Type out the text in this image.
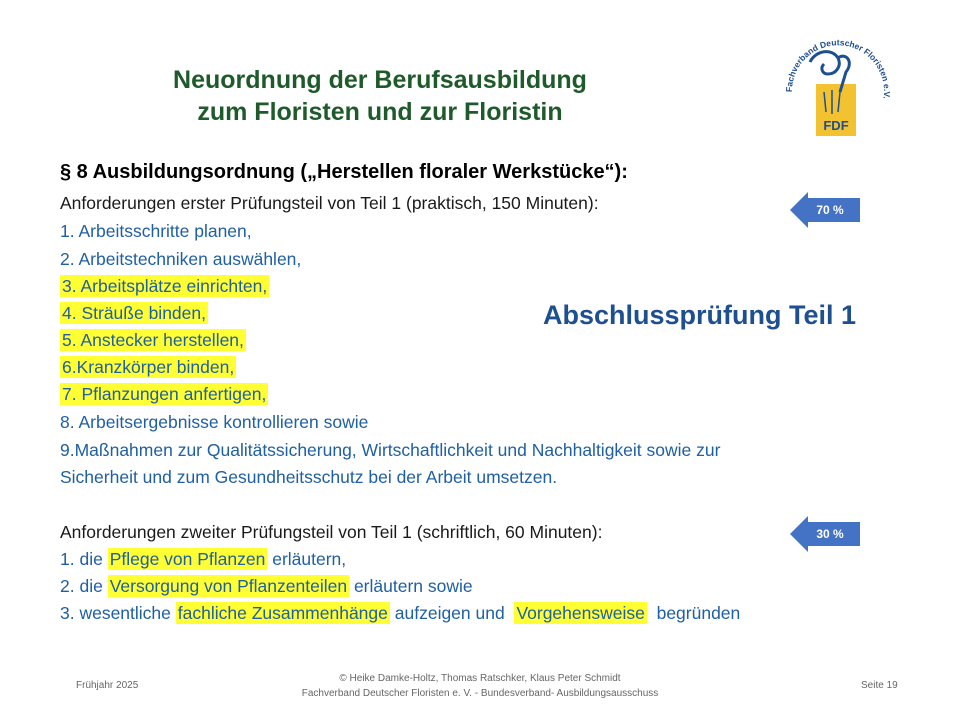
Neuordnung der Berufsausbildung
zum Floristen und zur Floristin
Fachverband Deutscher Floristen
FDF
§ 8 Ausbildungsordnung („Herstellen floraler Werkstücke“):
Anforderungen erster Prüfungsteil von Teil 1 (praktisch, 150 Minuten):
1. Arbeitsschritte planen,
2. Arbeitstechniken auswählen,
3. Arbeitsplätze einrichten,
4. Sträuße binden,
5. Anstecker herstellen,
6.Kranzkörper binden,
7. Pflanzungen anfertigen,
8. Arbeitsergebnisse kontrollieren sowie
9.Maßnahmen zur Qualitätssicherung, Wirtschaftlichkeit und Nachhaltigkeit sowie zur
Sicherheit und zum Gesundheitsschutz bei der Arbeit umsetzen.
70 %
Abschlussprüfung Teil 1
Anforderungen zweiter Prüfungsteil von Teil 1 (schriftlich, 60 Minuten):	30 %
1. die Pflege von Pflanzen erläutern,
2. die Versorgung von Pflanzenteilen erläutern sowie
3. wesentliche fachliche Zusammenhänge aufzeigen und  Vorgehensweise  begründen
Frühjahr 2025
© Heike Damke-Holtz, Thomas Ratschker, Klaus Peter Schmidt
Fachverband Deutscher Floristen e. V. - Bundesverband- Ausbildungsausschuss
Seite 19
